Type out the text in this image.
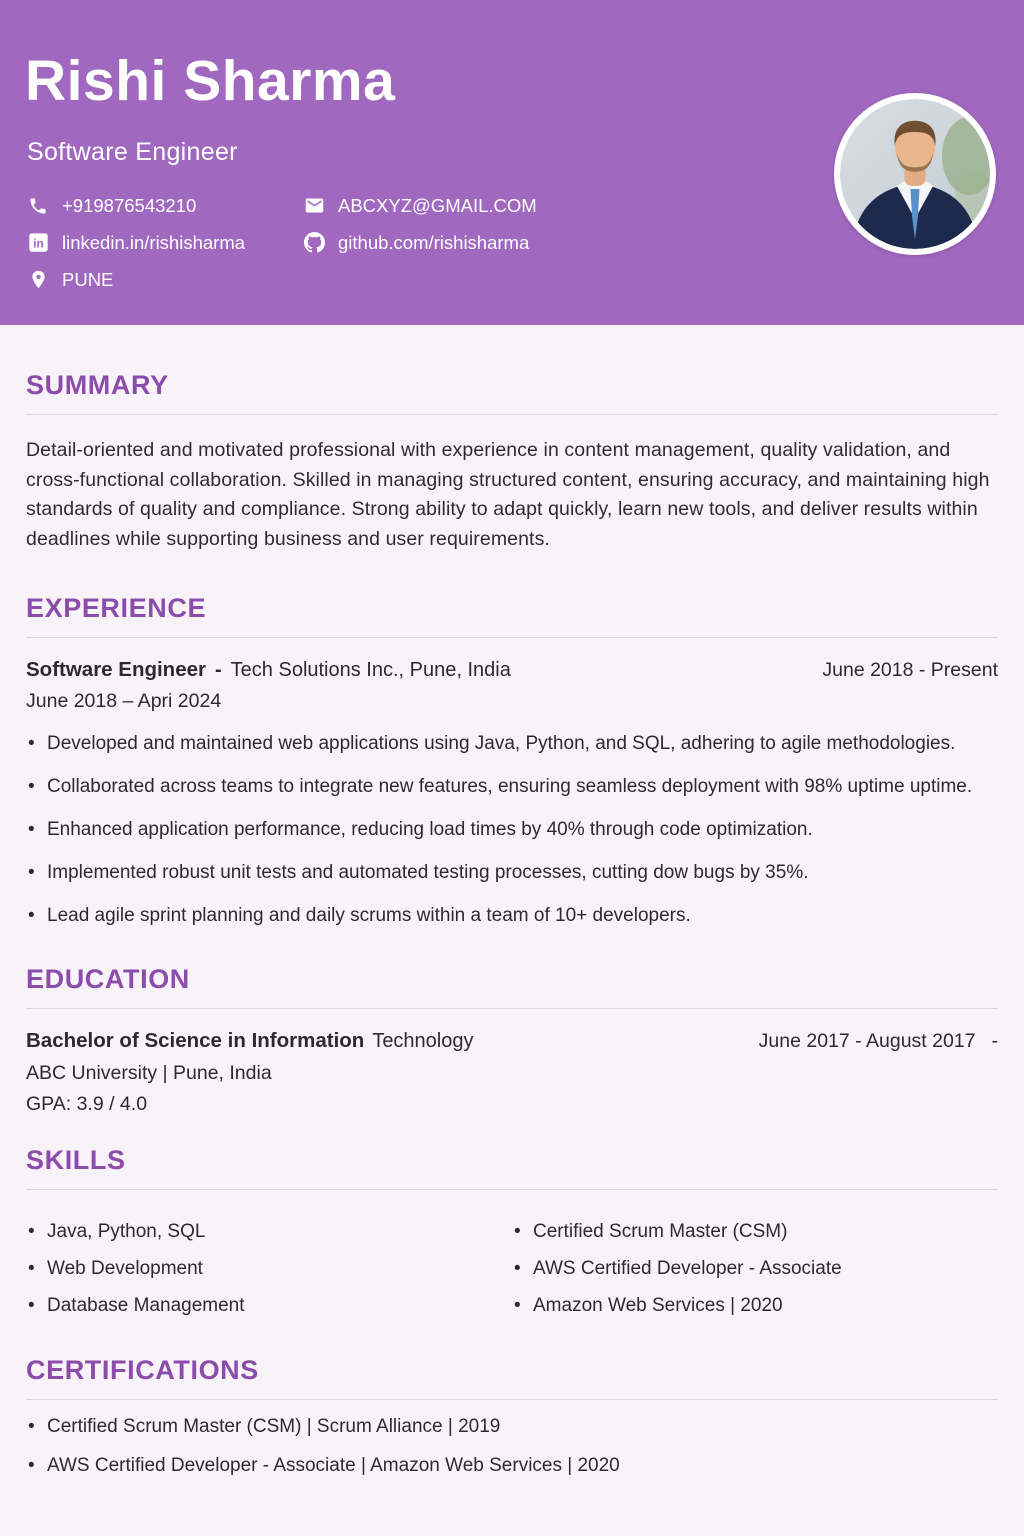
Rishi Sharma
Software Engineer
+919876543210	ABCXYZ@GMAIL.COM
in linkedin.in/rishisharma	github.com/rishisharma
PUNE
SUMMARY

Detail-oriented and motivated professional with experience in content management, quality validation, and cross-functional collaboration. Skilled in managing structured content, ensuring accuracy, and maintaining high standards of quality and compliance. Strong ability to adapt quickly, learn new tools, and deliver results within deadlines while supporting business and user requirements.

EXPERIENCE
Software Engineer - Tech Solutions Inc., Pune, India	June 2018 - Present
June 2018 – Apri 2024
• Developed and maintained web applications using Java, Python, and SQL, adhering to agile methodologies.
• Collaborated across teams to integrate new features, ensuring seamless deployment with 98% uptime uptime.
• Enhanced application performance, reducing load times by 40% through code optimization.
• Implemented robust unit tests and automated testing processes, cutting dow bugs by 35%.
• Lead agile sprint planning and daily scrums within a team of 10+ developers.
EDUCATION
Bachelor of Science in Information Technology	June 2017 - August 2017 -
ABC University | Pune, India
GPA: 3.9 / 4.0
SKILLS
• Java, Python, SQL
• Web Development
• Database Management
• Certified Scrum Master (CSM)
• AWS Certified Developer - Associate
• Amazon Web Services | 2020
CERTIFICATIONS
• Certified Scrum Master (CSM) | Scrum Alliance | 2019
• AWS Certified Developer - Associate | Amazon Web Services | 2020
